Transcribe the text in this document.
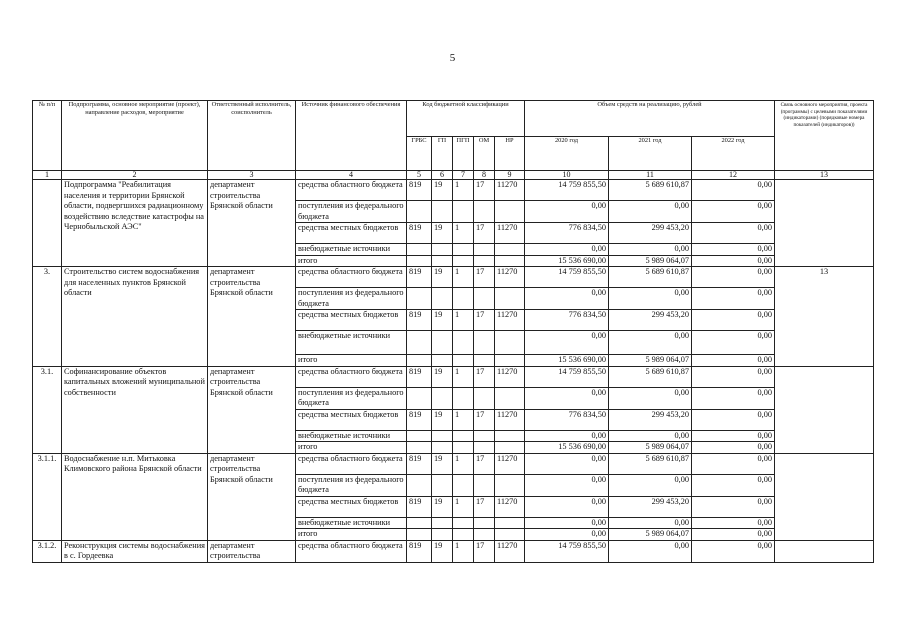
5
№ п/п	Подпрограмма, основное мероприятие (проект), направление расходов, мероприятие	Ответственный исполнитель, соисполнитель	Источник финансового обеспечения	Код бюджетной классификации					Объем средств на реализацию, рублей			Связь основного мероприятия, проекта (программы) с целевыми показателями (индикаторами) (порядковые номера показателей (индикаторов))
				ГРБС	ГП	ПГП	ОМ	НР	2020 год	2021 год	2022 год	
1	2	3	4	5	6	7	8	9	10	11	12	13
	Подпрограмма "Реабилитация населения и территории Брянской области, подвергшихся радиационному воздействию вследствие катастрофы на Чернобыльской АЭС"	департамент строительства Брянской области	средства областного бюджета	819	19	1	17	11270	14 759 855,50	5 689 610,87	0,00	
			поступления из федерального бюджета						0,00	0,00	0,00	
			средства местных бюджетов	819	19	1	17	11270	776 834,50	299 453,20	0,00	
			внебюджетные источники						0,00	0,00	0,00	
			итого						15 536 690,00	5 989 064,07	0,00	
3.	Строительство систем водоснабжения для населенных пунктов Брянской области	департамент строительства Брянской области	средства областного бюджета	819	19	1	17	11270	14 759 855,50	5 689 610,87	0,00	13
			поступления из федерального бюджета						0,00	0,00	0,00	
			средства местных бюджетов	819	19	1	17	11270	776 834,50	299 453,20	0,00	
			внебюджетные источники						0,00	0,00	0,00	
			итого						15 536 690,00	5 989 064,07	0,00	
3.1.	Софинансирование объектов капитальных вложений муниципальной собственности	департамент строительства Брянской области	средства областного бюджета	819	19	1	17	11270	14 759 855,50	5 689 610,87	0,00	
			поступления из федерального бюджета						0,00	0,00	0,00	
			средства местных бюджетов	819	19	1	17	11270	776 834,50	299 453,20	0,00	
			внебюджетные источники						0,00	0,00	0,00	
			итого						15 536 690,00	5 989 064,07	0,00	
3.1.1.	Водоснабжение н.п. Митьковка Климовского района Брянской области	департамент строительства Брянской области	средства областного бюджета	819	19	1	17	11270	0,00	5 689 610,87	0,00	
			поступления из федерального бюджета						0,00	0,00	0,00	
			средства местных бюджетов	819	19	1	17	11270	0,00	299 453,20	0,00	
			внебюджетные источники						0,00	0,00	0,00	
			итого						0,00	5 989 064,07	0,00	
3.1.2.	Реконструкция системы водоснабжения в с. Гордеевка	департамент строительства	средства областного бюджета	819	19	1	17	11270	14 759 855,50	0,00	0,00	
